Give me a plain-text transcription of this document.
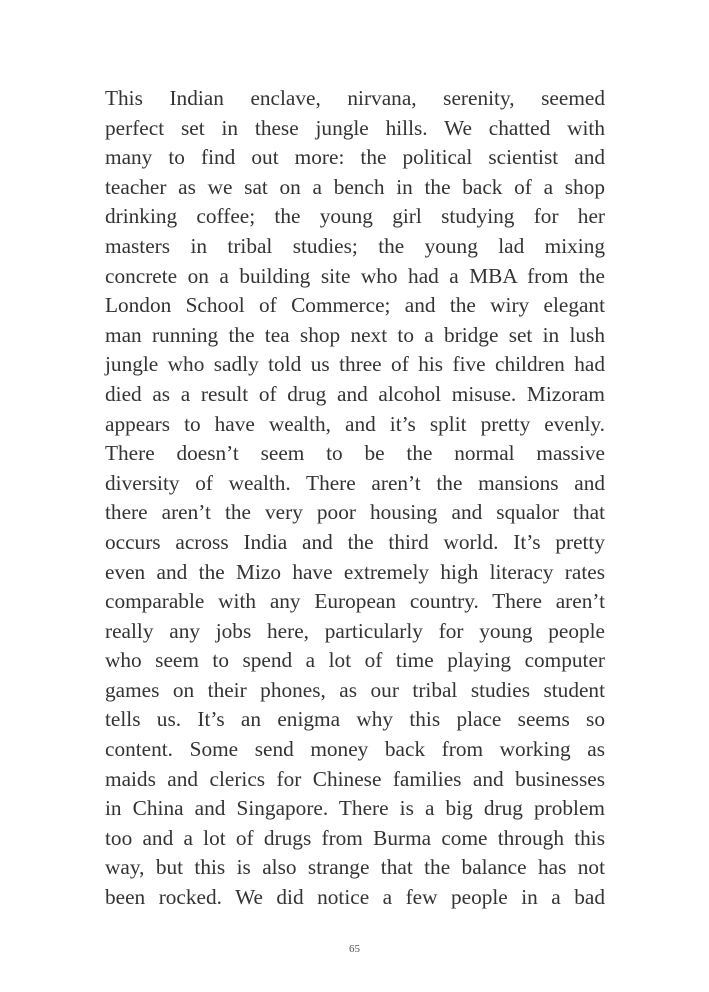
This Indian enclave, nirvana, serenity, seemed
perfect set in these jungle hills. We chatted with
many to find out more: the political scientist and
teacher as we sat on a bench in the back of a shop
drinking coffee; the young girl studying for her
masters in tribal studies; the young lad mixing
concrete on a building site who had a MBA from the
London School of Commerce; and the wiry elegant
man running the tea shop next to a bridge set in lush
jungle who sadly told us three of his five children had
died as a result of drug and alcohol misuse. Mizoram
appears to have wealth, and it’s split pretty evenly.
There doesn’t seem to be the normal massive
diversity of wealth. There aren’t the mansions and
there aren’t the very poor housing and squalor that
occurs across India and the third world. It’s pretty
even and the Mizo have extremely high literacy rates
comparable with any European country. There aren’t
really any jobs here, particularly for young people
who seem to spend a lot of time playing computer
games on their phones, as our tribal studies student
tells us. It’s an enigma why this place seems so
content. Some send money back from working as
maids and clerics for Chinese families and businesses
in China and Singapore. There is a big drug problem
too and a lot of drugs from Burma come through this
way, but this is also strange that the balance has not
been rocked. We did notice a few people in a bad
65
